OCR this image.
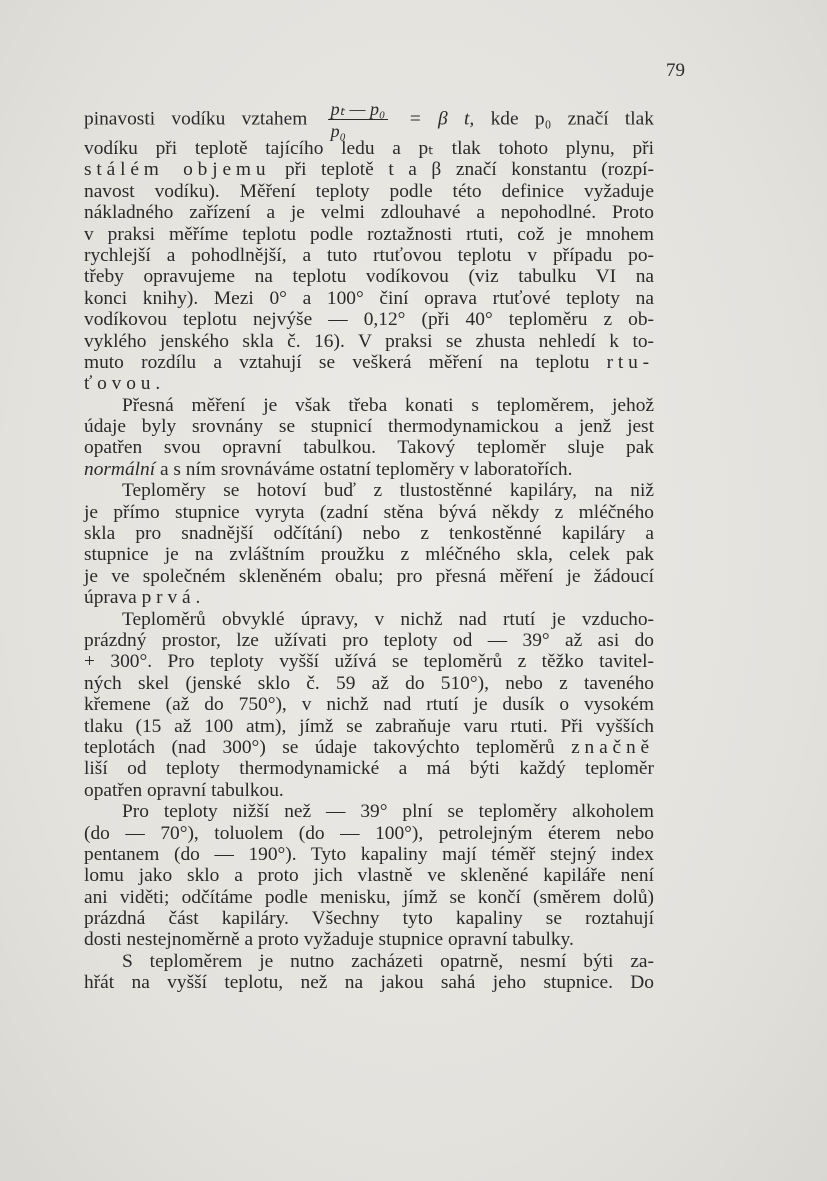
79
pinavosti vodíku vztahem $\frac{\text{pₜ — p₀}}{\text{p₀}} = \beta$ t, kde p₀ značí tlak
vodíku při teplotě tajícího ledu a pₜ tlak tohoto plynu, při
stálém objemu při teplotě t a β značí konstantu (rozpí-
navost vodíku). Měření teploty podle této definice vyžaduje
nákladného zařízení a je velmi zdlouhavé a nepohodlné. Proto
v praksi měříme teplotu podle roztažnosti rtuti, což je mnohem
rychlejší a pohodlnější, a tuto rtuťovou teplotu v případu po-
třeby opravujeme na teplotu vodíkovou (viz tabulku VI na
konci knihy). Mezi 0° a 100° činí oprava rtuťové teploty na
vodíkovou teplotu nejvýše — 0,12° (při 40° teploměru z ob-
vyklého jenského skla č. 16). V praksi se zhusta nehledí k to-
muto rozdílu a vztahují se veškerá měření na teplotu rtu-
ťovou.
Přesná měření je však třeba konati s teploměrem, jehož
údaje byly srovnány se stupnicí thermodynamickou a jenž jest
opatřen svou opravní tabulkou. Takový teploměr sluje pak
normální a s ním srovnáváme ostatní teploměry v laboratořích.
Teploměry se hotoví buď z tlustostěnné kapiláry, na niž
je přímo stupnice vyryta (zadní stěna bývá někdy z mléčného
skla pro snadnější odčítání) nebo z tenkostěnné kapiláry a
stupnice je na zvláštním proužku z mléčného skla, celek pak
je ve společném skleněném obalu; pro přesná měření je žádoucí
úprava prvá.
Teploměrů obvyklé úpravy, v nichž nad rtutí je vzducho-
prázdný prostor, lze užívati pro teploty od — 39° až asi do
+ 300°. Pro teploty vyšší užívá se teploměrů z těžko tavitel-
ných skel (jenské sklo č. 59 až do 510°), nebo z taveného
křemene (až do 750°), v nichž nad rtutí je dusík o vysokém
tlaku (15 až 100 atm), jímž se zabraňuje varu rtuti. Při vyšších
teplotách (nad 300°) se údaje takovýchto teploměrů značně
liší od teploty thermodynamické a má býti každý teploměr
opatřen opravní tabulkou.
Pro teploty nižší než — 39° plní se teploměry alkoholem
(do — 70°), toluolem (do — 100°), petrolejným éterem nebo
pentanem (do — 190°). Tyto kapaliny mají téměř stejný index
lomu jako sklo a proto jich vlastně ve skleněné kapiláře není
ani viděti; odčítáme podle menisku, jímž se končí (směrem dolů)
prázdná část kapiláry. Všechny tyto kapaliny se roztahují
dosti nestejnoměrně a proto vyžaduje stupnice opravní tabulky.
S teploměrem je nutno zacházeti opatrně, nesmí býti za-
hřát na vyšší teplotu, než na jakou sahá jeho stupnice. Do
